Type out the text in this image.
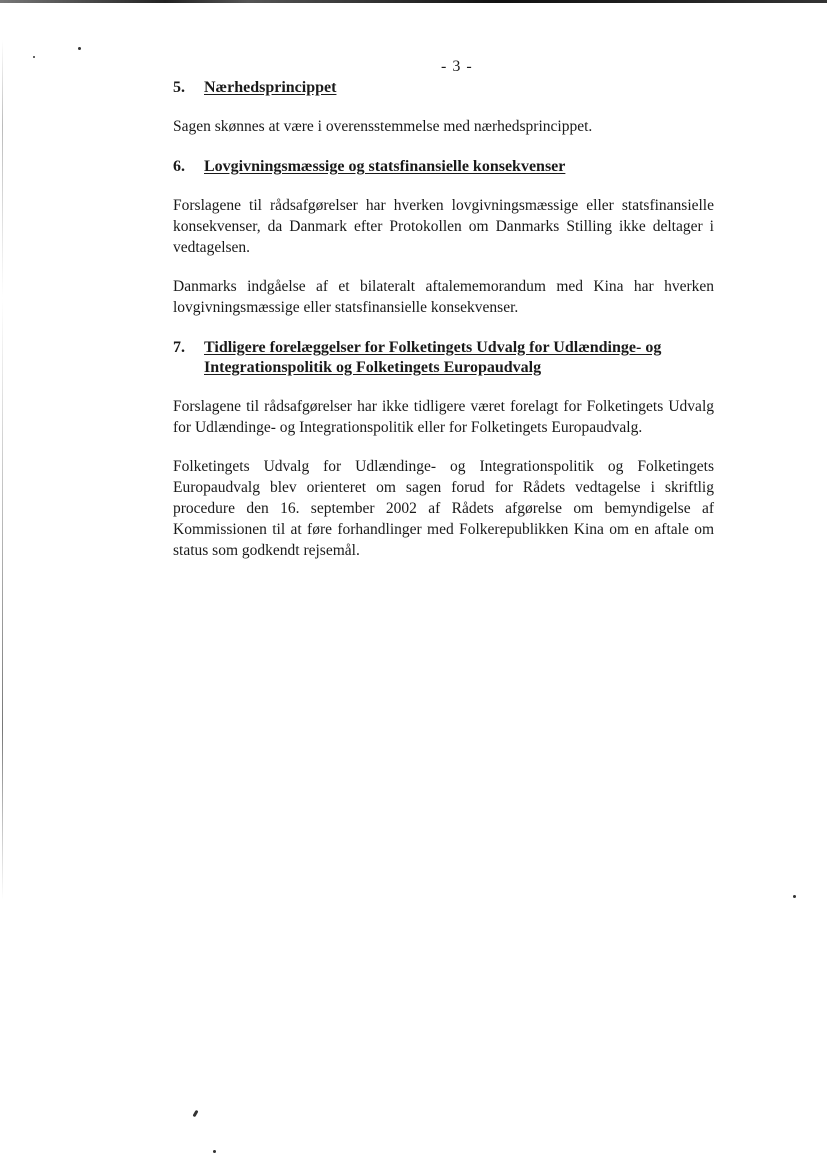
- 3 -
5.	Nærhedsprincippet

Sagen skønnes at være i overensstemmelse med nærhedsprincippet.

6.	Lovgivningsmæssige og statsfinansielle konsekvenser

Forslagene til rådsafgørelser har hverken lovgivningsmæssige eller statsfinansielle konsekvenser, da Danmark efter Protokollen om Danmarks Stilling ikke deltager i vedtagelsen.

Danmarks indgåelse af et bilateralt aftalememorandum med Kina har hverken lovgivningsmæssige eller statsfinansielle konsekvenser.

7.	Tidligere forelæggelser for Folketingets Udvalg for Udlændinge- og Integrationspolitik og Folketingets Europaudvalg

Forslagene til rådsafgørelser har ikke tidligere været forelagt for Folketingets Udvalg for Udlændinge- og Integrationspolitik eller for Folketingets Europaudvalg.

Folketingets Udvalg for Udlændinge- og Integrationspolitik og Folketingets Europaudvalg blev orienteret om sagen forud for Rådets vedtagelse i skriftlig procedure den 16. september 2002 af Rådets afgørelse om bemyndigelse af Kommissionen til at føre forhandlinger med Folkerepublikken Kina om en aftale om status som godkendt rejsemål.
